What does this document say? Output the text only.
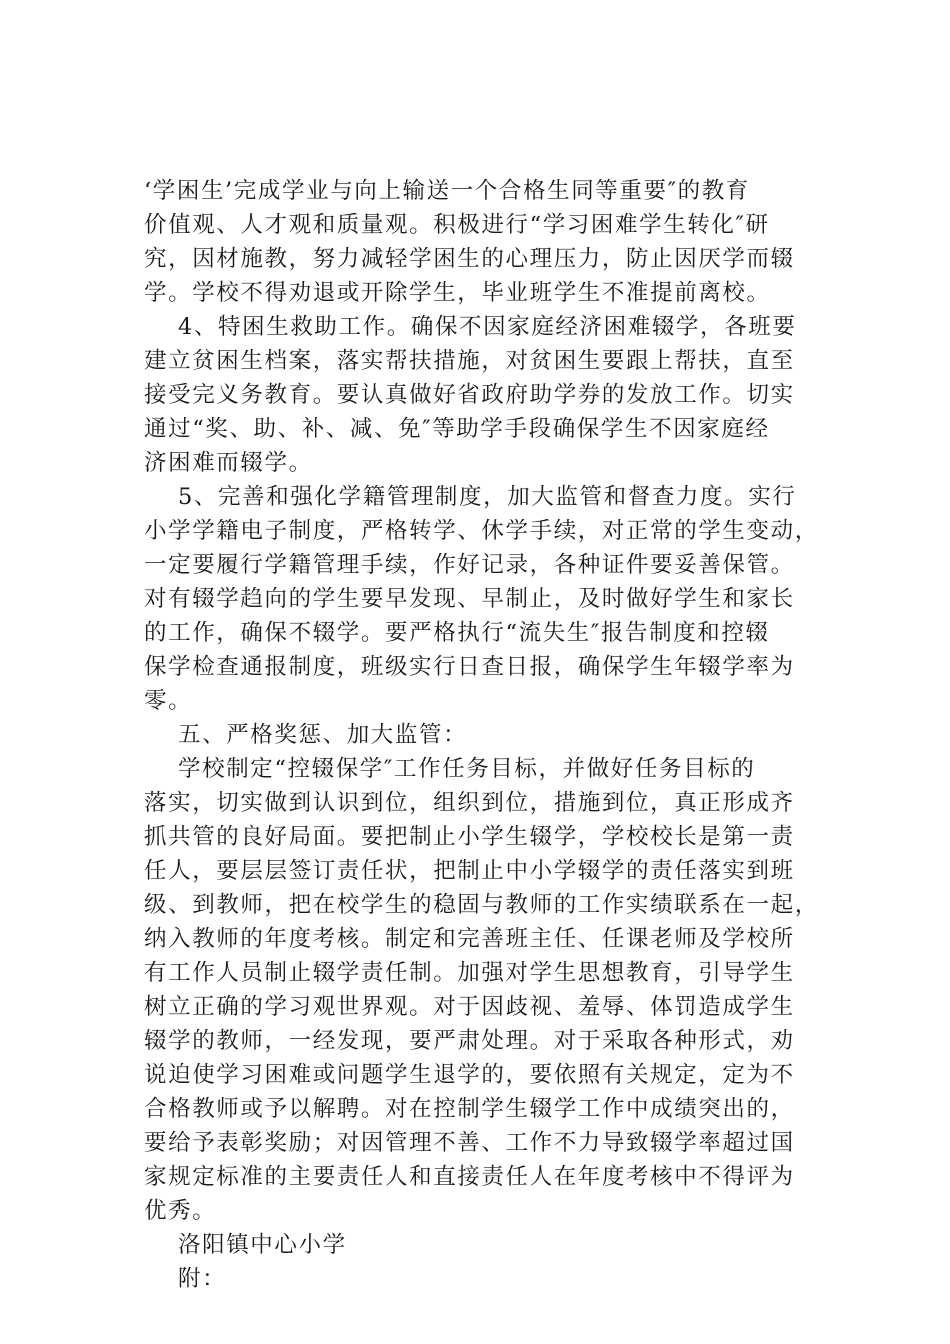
‘学困生’完成学业与向上输送一个合格生同等重要″的教育
价值观、人才观和质量观。积极进行“学习困难学生转化″研
究，因材施教，努力减轻学困生的心理压力，防止因厌学而辍
学。学校不得劝退或开除学生，毕业班学生不准提前离校。
4、特困生救助工作。确保不因家庭经济困难辍学，各班要
建立贫困生档案，落实帮扶措施，对贫困生要跟上帮扶，直至
接受完义务教育。要认真做好省政府助学券的发放工作。切实
通过“奖、助、补、减、免″等助学手段确保学生不因家庭经
济困难而辍学。
5、完善和强化学籍管理制度，加大监管和督查力度。实行
小学学籍电子制度，严格转学、休学手续，对正常的学生变动，
一定要履行学籍管理手续，作好记录，各种证件要妥善保管。
对有辍学趋向的学生要早发现、早制止，及时做好学生和家长
的工作，确保不辍学。要严格执行“流失生″报告制度和控辍
保学检查通报制度，班级实行日查日报，确保学生年辍学率为
零。
五、严格奖惩、加大监管：
学校制定“控辍保学″工作任务目标，并做好任务目标的
落实，切实做到认识到位，组织到位，措施到位，真正形成齐
抓共管的良好局面。要把制止小学生辍学，学校校长是第一责
任人，要层层签订责任状，把制止中小学辍学的责任落实到班
级、到教师，把在校学生的稳固与教师的工作实绩联系在一起，
纳入教师的年度考核。制定和完善班主任、任课老师及学校所
有工作人员制止辍学责任制。加强对学生思想教育，引导学生
树立正确的学习观世界观。对于因歧视、羞辱、体罚造成学生
辍学的教师，一经发现，要严肃处理。对于采取各种形式，劝
说迫使学习困难或问题学生退学的，要依照有关规定，定为不
合格教师或予以解聘。对在控制学生辍学工作中成绩突出的，
要给予表彰奖励；对因管理不善、工作不力导致辍学率超过国
家规定标准的主要责任人和直接责任人在年度考核中不得评为
优秀。
洛阳镇中心小学
附：
